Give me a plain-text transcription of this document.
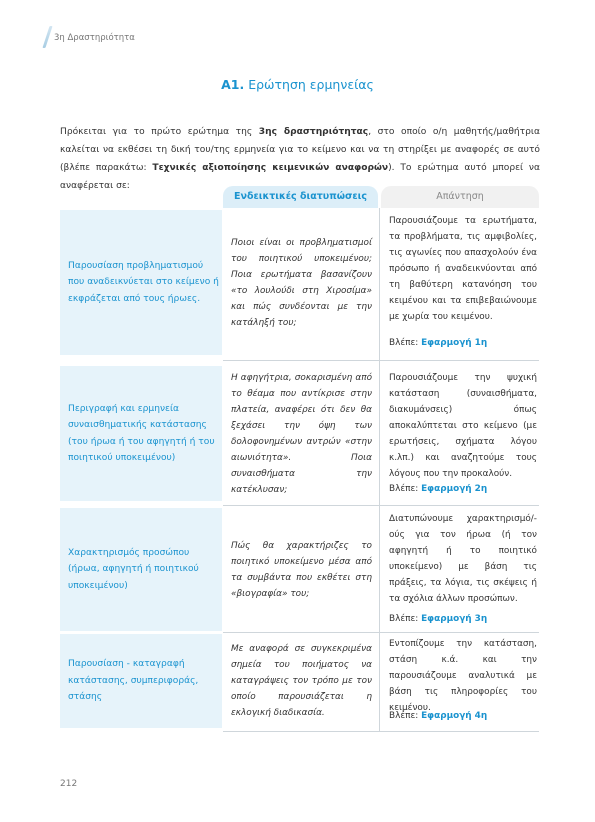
3η Δραστηριότητα
Α1. Ερώτηση ερμηνείας
Πρόκειται για το πρώτο ερώτημα της 3ης δραστηριότητας, στο οποίο ο/η μαθητής/μαθήτρια καλείται να εκθέσει τη δική του/της ερμηνεία για το κείμενο και να τη στηρίξει με αναφορές σε αυτό (βλέπε παρακάτω: Τεχνικές αξιοποίησης κειμενικών αναφορών). Το ερώτημα αυτό μπορεί να αναφέρεται σε:
Ενδεικτικές διατυπώσεις	Απάντηση
Παρουσίαση προβληματισμού που αναδεικνύεται στο κείμενο ή εκφράζεται από τους ήρωες.
Ποιοι είναι οι προβληματισμοί του ποιητικού υποκειμένου; Ποια ερωτήματα βασανίζουν «το λουλούδι στη Χιροσίμα» και πώς συνδέονται με την κατάληξή του;
Παρουσιάζουμε τα ερωτήματα, τα προβλήματα, τις αμφιβολίες, τις αγωνίες που απασχολούν ένα πρόσωπο ή αναδεικνύονται από τη βαθύτερη κατανόηση του κειμένου και τα επιβεβαιώνουμε με χωρία του κειμένου.
Βλέπε: Εφαρμογή 1η
Περιγραφή και ερμηνεία συναισθηματικής κατάστασης (του ήρωα ή του αφηγητή ή του ποιητικού υποκειμένου)
Η αφηγήτρια, σοκαρισμένη από το θέαμα που αντίκρισε στην πλατεία, αναφέρει ότι δεν θα ξεχάσει την όψη των δολοφονημένων αντρών «στην αιωνιότητα». Ποια συναισθήματα την κατέκλυσαν;
Παρουσιάζουμε την ψυχική κατάσταση (συναισθήματα, διακυμάνσεις) όπως αποκαλύπτεται στο κείμενο (με ερωτήσεις, σχήματα λόγου κ.λπ.) και αναζητούμε τους λόγους που την προκαλούν.
Βλέπε: Εφαρμογή 2η
Χαρακτηρισμός προσώπου (ήρωα, αφηγητή ή ποιητικού υποκειμένου)
Πώς θα χαρακτήριζες το ποιητικό υποκείμενο μέσα από τα συμβάντα που εκθέτει στη «βιογραφία» του;
Διατυπώνουμε χαρακτηρισμό/-ούς για τον ήρωα (ή τον αφηγητή ή το ποιητικό υποκείμενο) με βάση τις πράξεις, τα λόγια, τις σκέψεις ή τα σχόλια άλλων προσώπων.
Βλέπε: Εφαρμογή 3η
Παρουσίαση - καταγραφή κατάστασης, συμπεριφοράς, στάσης
Με αναφορά σε συγκεκριμένα σημεία του ποιήματος να καταγράψεις τον τρόπο με τον οποίο παρουσιάζεται η εκλογική διαδικασία.
Εντοπίζουμε την κατάσταση, στάση κ.ά. και την παρουσιάζουμε αναλυτικά με βάση τις πληροφορίες του κειμένου.
Βλέπε: Εφαρμογή 4η
212
